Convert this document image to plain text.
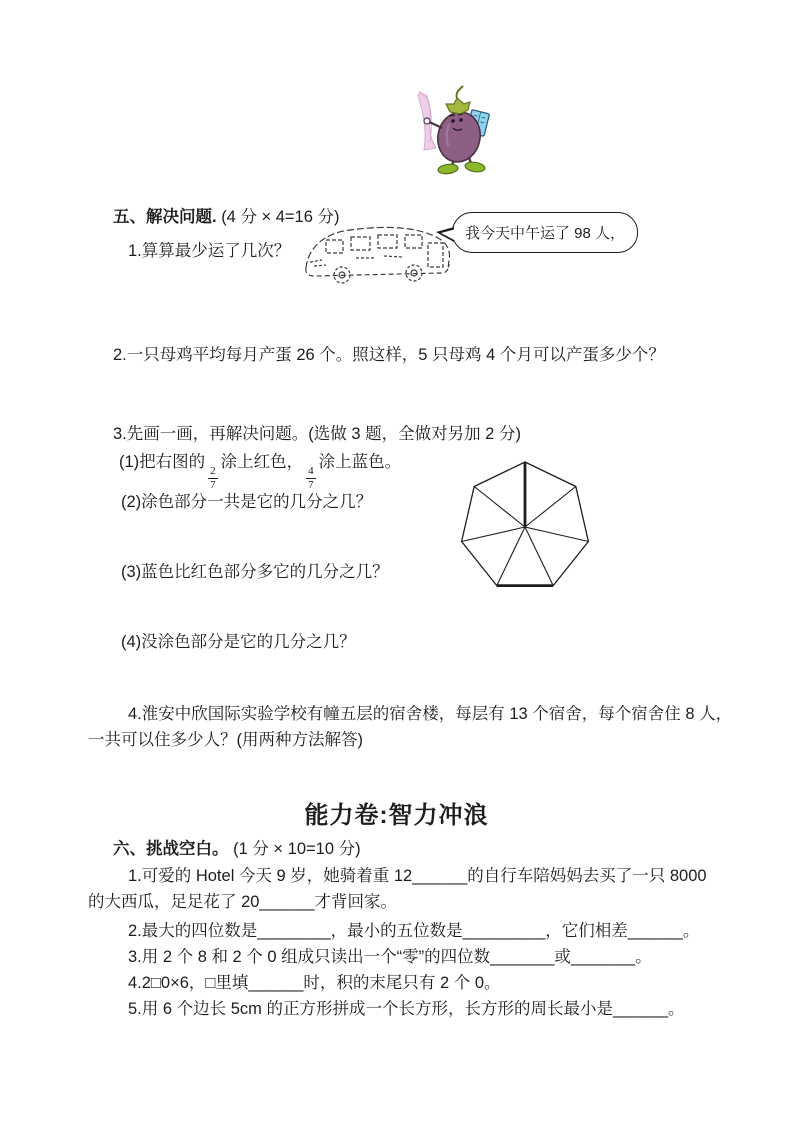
五、解决问题. (4 分 × 4=16 分)
1.算算最少运了几次？
我今天中午运了 98 人，
2.一只母鸡平均每月产蛋 26 个。照这样，5 只母鸡 4 个月可以产蛋多少个？
3.先画一画，再解决问题。(选做 3 题，全做对另加 2 分)
(1)把右图的
$\frac{2}{7}$
涂上红色，
$\frac{4}{7}$
涂上蓝色。
(2)涂色部分一共是它的几分之几？
(3)蓝色比红色部分多它的几分之几？
(4)没涂色部分是它的几分之几？
4.淮安中欣国际实验学校有幢五层的宿舍楼，每层有 13 个宿舍，每个宿舍住 8 人，
一共可以住多少人？(用两种方法解答)
能力卷:智力冲浪
六、挑战空白。 (1 分 × 10=10 分)
1.可爱的 Hotel 今天 9 岁，她骑着重 12______的自行车陪妈妈去买了一只 8000
的大西瓜，足足花了 20______才背回家。
2.最大的四位数是________，最小的五位数是_________，它们相差______。
3.用 2 个 8 和 2 个 0 组成只读出一个“零”的四位数_______或_______。
4.2□0×6，□里填______时，积的末尾只有 2 个 0。
5.用 6 个边长 5cm 的正方形拼成一个长方形，长方形的周长最小是______。
